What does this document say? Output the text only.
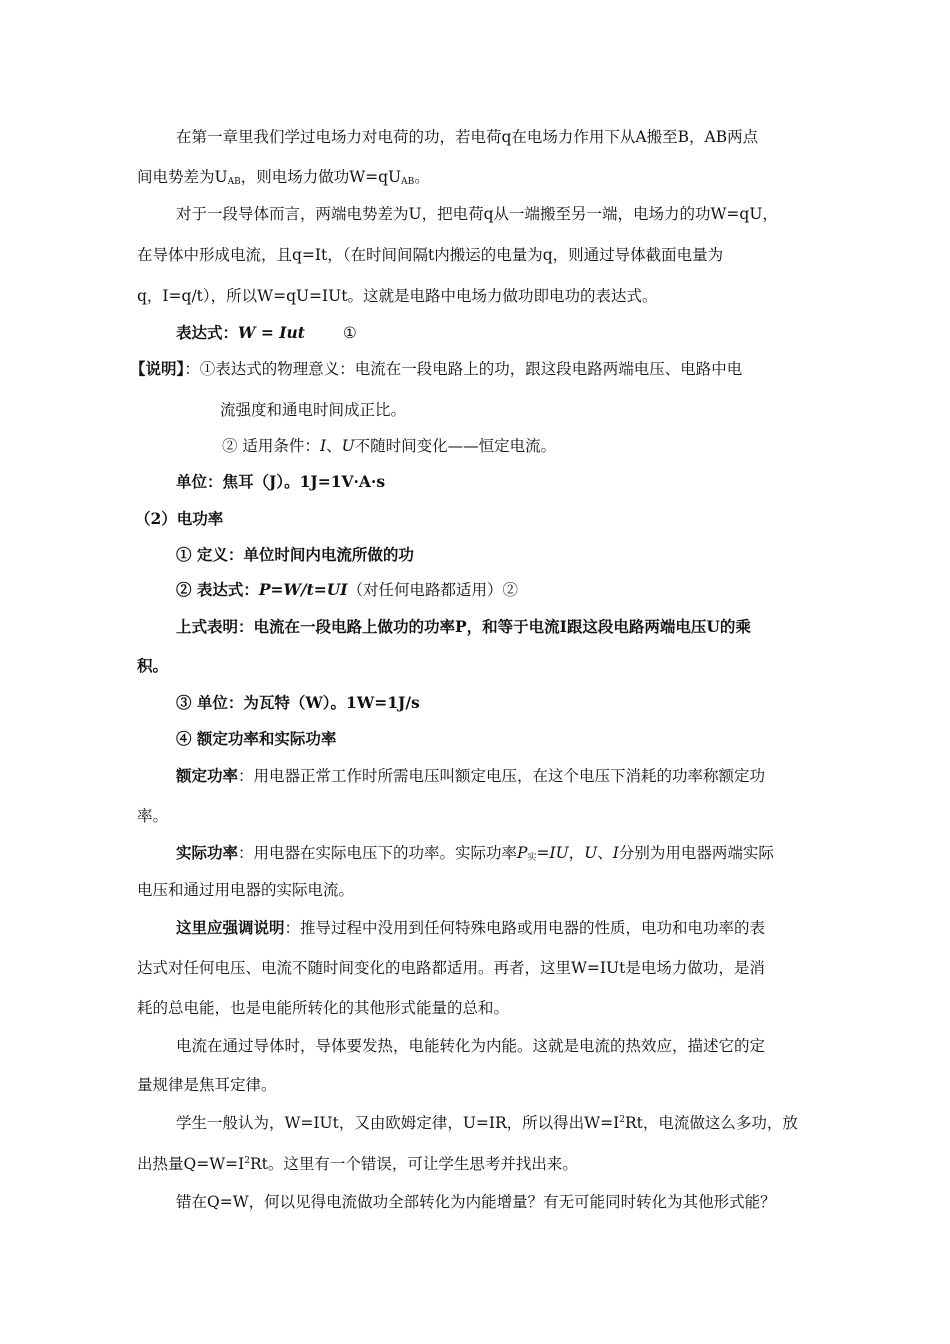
在第一章里我们学过电场力对电荷的功，若电荷q在电场力作用下从A搬至B，AB两点

间电势差为$U_{AB}$，则电场力做功$W=qU_{AB}$。

对于一段导体而言，两端电势差为U，把电荷q从一端搬至另一端，电场力的功W=qU，

在导体中形成电流，且q=It，（在时间间隔t内搬运的电量为q，则通过导体截面电量为

q，I=q/t），所以W=qU=IUt。这就是电路中电场力做功即电功的表达式。

表达式：W = Iut ①

【说明】：①表达式的物理意义：电流在一段电路上的功，跟这段电路两端电压、电路中电

流强度和通电时间成正比。

② 适用条件：I、U不随时间变化——恒定电流。

单位：焦耳（J）。1J=1V·A·s

（2）电功率

① 定义：单位时间内电流所做的功

② 表达式：P=W/t=UI（对任何电路都适用）②

上式表明：电流在一段电路上做功的功率P，和等于电流I跟这段电路两端电压U的乘

积。

③ 单位：为瓦特（W）。1W=1J/s

④ 额定功率和实际功率

额定功率：用电器正常工作时所需电压叫额定电压，在这个电压下消耗的功率称额定功

率。

实际功率：用电器在实际电压下的功率。实际功率$P_实=IU$，U、I分别为用电器两端实际

电压和通过用电器的实际电流。

这里应强调说明：推导过程中没用到任何特殊电路或用电器的性质，电功和电功率的表

达式对任何电压、电流不随时间变化的电路都适用。再者，这里W=IUt是电场力做功，是消

耗的总电能，也是电能所转化的其他形式能量的总和。

电流在通过导体时，导体要发热，电能转化为内能。这就是电流的热效应，描述它的定

量规律是焦耳定律。

学生一般认为，W=IUt，又由欧姆定律，U=IR，所以得出$W=I^2Rt$，电流做这么多功，放

出热量$Q=W=I^2Rt$。这里有一个错误，可让学生思考并找出来。

错在Q=W，何以见得电流做功全部转化为内能增量？有无可能同时转化为其他形式能？
